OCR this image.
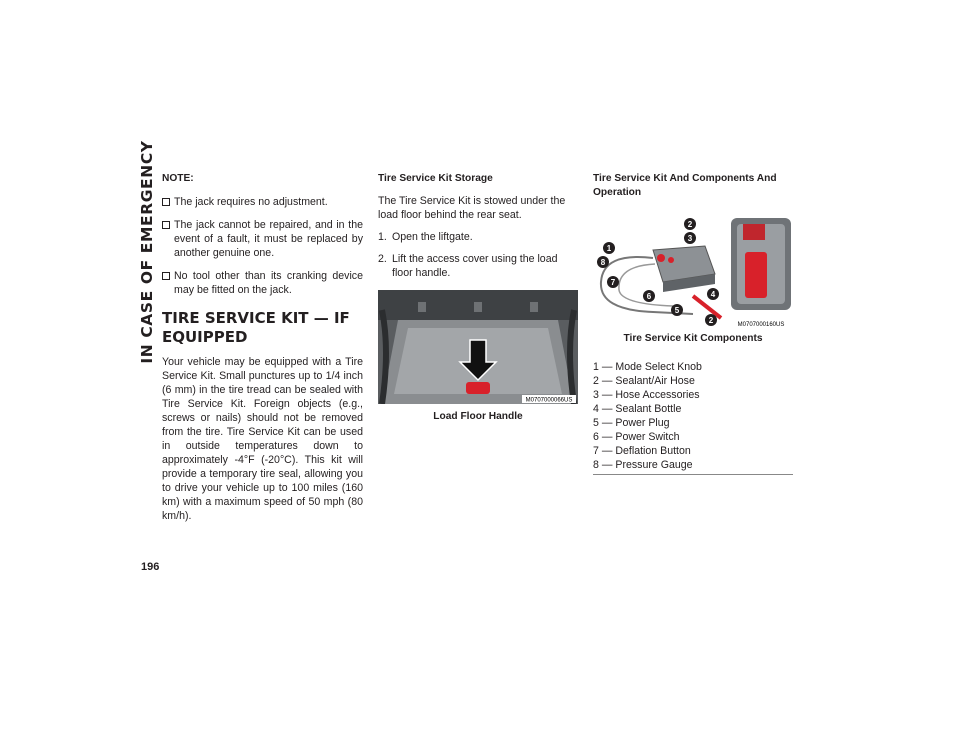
IN CASE OF EMERGENCY
196
NOTE:
The jack requires no adjustment.
The jack cannot be repaired, and in the event of a fault, it must be replaced by another genuine one.
No tool other than its cranking device may be fitted on the jack.
TIRE SERVICE KIT — IF EQUIPPED
Your vehicle may be equipped with a Tire Service Kit. Small punctures up to 1/4 inch (6 mm) in the tire tread can be sealed with Tire Service Kit. Foreign objects (e.g., screws or nails) should not be removed from the tire. Tire Service Kit can be used in outside temperatures down to approximately -4°F (-20°C). This kit will provide a temporary tire seal, allowing you to drive your vehicle up to 100 miles (160 km) with a maximum speed of 50 mph (80 km/h).
Tire Service Kit Storage
The Tire Service Kit is stowed under the load floor behind the rear seat.
1. Open the liftgate.
2. Lift the access cover using the load floor handle.
M0707000066US
Load Floor Handle
Tire Service Kit And Components And Operation
1
2
3
4
5
2
6
7
8
M0707000160US
Tire Service Kit Components
1 — Mode Select Knob
2 — Sealant/Air Hose
3 — Hose Accessories
4 — Sealant Bottle
5 — Power Plug
6 — Power Switch
7 — Deflation Button
8 — Pressure Gauge
